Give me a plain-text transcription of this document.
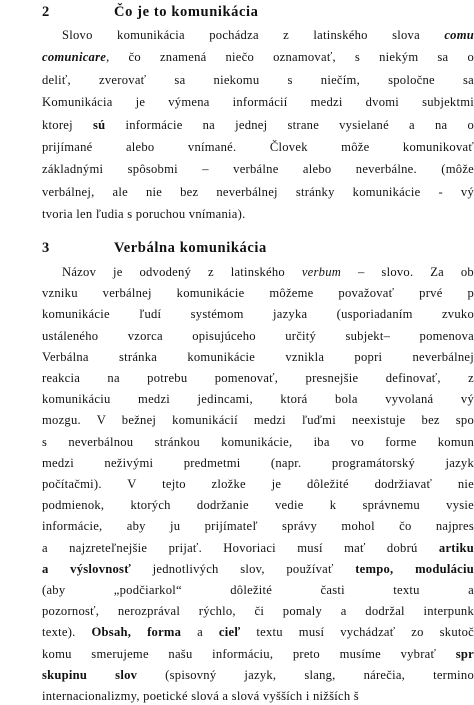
2	Čo je to komunikácia
Slovo komunikácia pochádza z latinského slova comu
comunicare, čo znamená niečo oznamovať, s niekým sa o
deliť, zverovať sa niekomu s niečím, spoločne sa
Komunikácia je výmena informácií medzi dvomi subjektmi
ktorej sú informácie na jednej strane vysielané a na o
prijímané alebo vnímané. Človek môže komunikovať
základnými spôsobmi – verbálne alebo neverbálne. (môže
verbálnej, ale nie bez neverbálnej stránky komunikácie - vý
tvoria len ľudia s poruchou vnímania).
3	Verbálna komunikácia
Názov je odvodený z latinského verbum – slovo. Za ob
vzniku verbálnej komunikácie môžeme považovať prvé p
komunikácie ľudí systémom jazyka (usporiadaním zvuko
ustáleného vzorca opisujúceho určitý subjekt– pomenova
Verbálna stránka komunikácie vznikla popri neverbálnej
reakcia na potrebu pomenovať, presnejšie definovať, z
komunikáciu medzi jedincami, ktorá bola vyvolaná vý
mozgu. V bežnej komunikácií medzi ľuďmi neexistuje bez spo
s neverbálnou stránkou komunikácie, iba vo forme komun
medzi neživými predmetmi (napr. programátorský jazyk
počítačmi). V tejto zložke je dôležité dodržiavať nie
podmienok, ktorých dodržanie vedie k správnemu vysie
informácie, aby ju prijímateľ správy mohol čo najpres
a najzreteľnejšie prijať. Hovoriaci musí mať dobrú artiku
a výslovnosť jednotlivých slov, používať tempo, moduláciu
(aby „podčiarkol“ dôležité časti textu a
pozornosť, nerozprával rýchlo, či pomaly a dodržal interpunk
texte). Obsah, forma a cieľ textu musí vychádzať zo skutoč
komu smerujeme našu informáciu, preto musíme vybrať spr
skupinu slov (spisovný jazyk, slang, nárečia, termino
internacionalizmy, poetické slová a slová vyšších i nižších š
